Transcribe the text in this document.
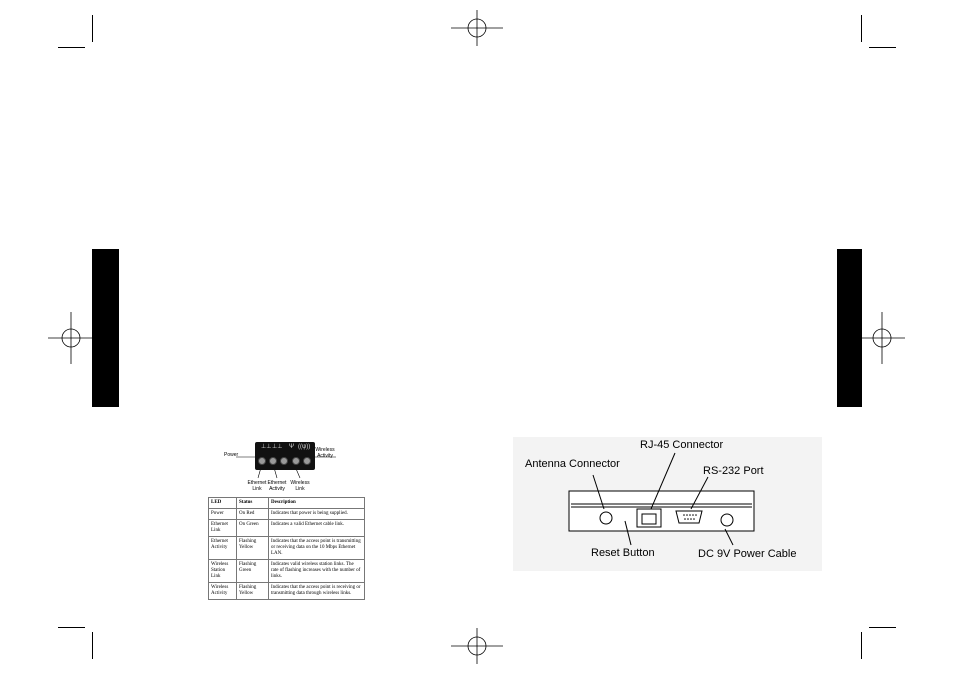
Power
⊥⊥ ⊥⊥ Ψ ((ψ)) Wireless Activity
Ethernet Link
Ethernet Activity
Wireless Link
LED	Status	Description
Power	On Red	Indicates that power is being supplied.
Ethernet Link	On Green	Indicates a valid Ethernet cable link.
Ethernet Activity	Flashing Yellow	Indicates that the access point is transmitting or receiving data on the 10 Mbps Ethernet LAN.
Wireless Station Link	Flashing Green	Indicates valid wireless station links. The rate of flashing increases with the number of links.
Wireless Activity	Flashing Yellow	Indicates that the access point is receiving or transmitting data through wireless links.
RJ-45 Connector
Antenna Connector
RS-232 Port
Reset Button	DC 9V Power Cable
